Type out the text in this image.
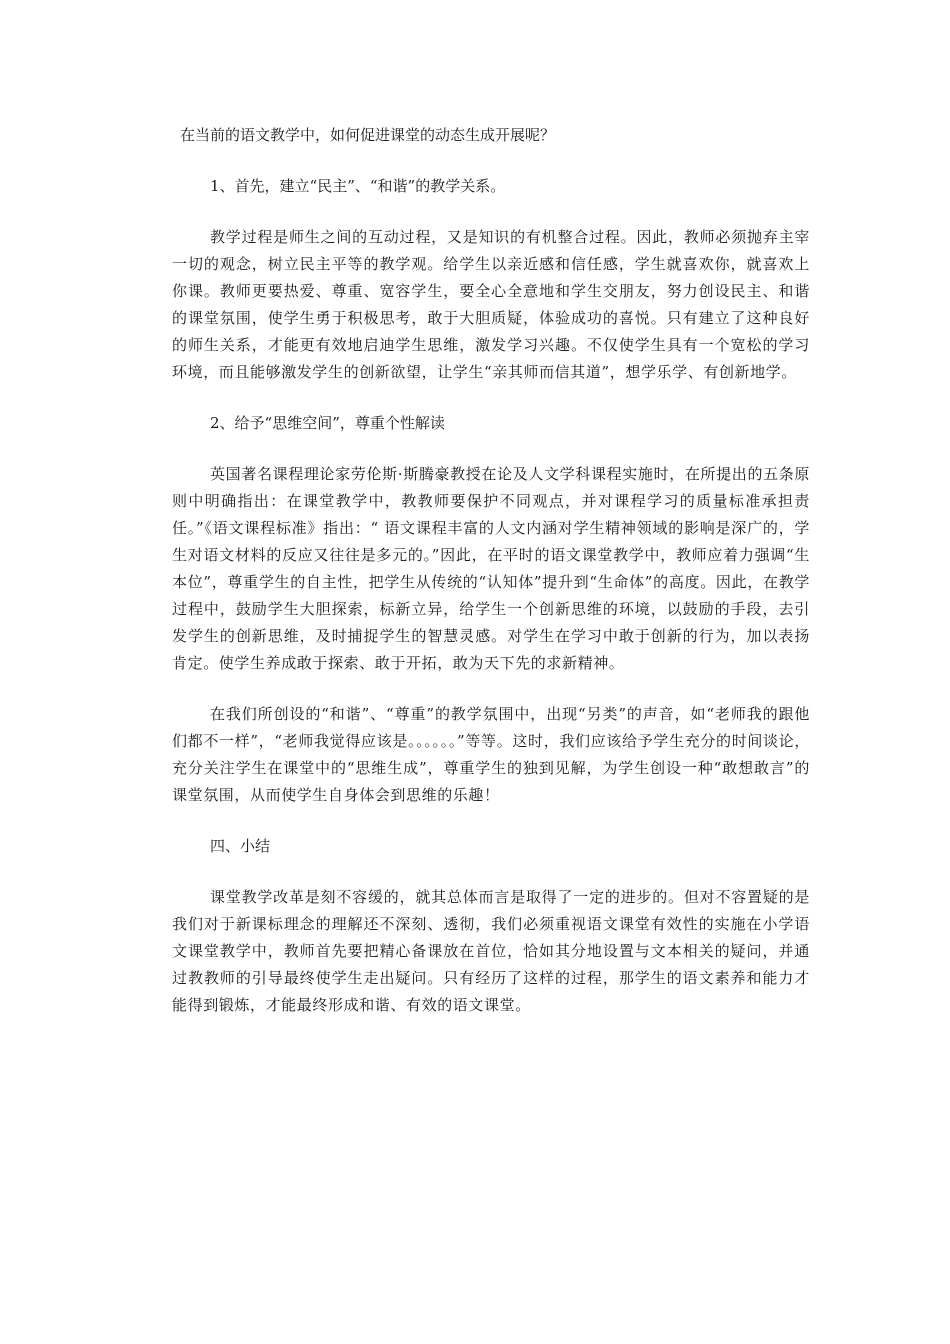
在当前的语文教学中，如何促进课堂的动态生成开展呢？

1、首先，建立“民主”、“和谐”的教学关系。

教学过程是师生之间的互动过程，又是知识的有机整合过程。因此，教师必须抛弃主宰一切的观念，树立民主平等的教学观。给学生以亲近感和信任感，学生就喜欢你，就喜欢上你课。教师更要热爱、尊重、宽容学生，要全心全意地和学生交朋友，努力创设民主、和谐的课堂氛围，使学生勇于积极思考，敢于大胆质疑，体验成功的喜悦。只有建立了这种良好的师生关系，才能更有效地启迪学生思维，激发学习兴趣。不仅使学生具有一个宽松的学习环境，而且能够激发学生的创新欲望，让学生“亲其师而信其道”，想学乐学、有创新地学。

2、给予“思维空间”，尊重个性解读

英国著名课程理论家劳伦斯·斯腾豪教授在论及人文学科课程实施时，在所提出的五条原则中明确指出：在课堂教学中，教教师要保护不同观点，并对课程学习的质量标准承担责任。”《语文课程标准》指出：“ 语文课程丰富的人文内涵对学生精神领域的影响是深广的，学生对语文材料的反应又往往是多元的。”因此，在平时的语文课堂教学中，教师应着力强调“生本位”，尊重学生的自主性，把学生从传统的“认知体”提升到“生命体”的高度。因此，在教学过程中，鼓励学生大胆探索，标新立异，给学生一个创新思维的环境，以鼓励的手段，去引发学生的创新思维，及时捕捉学生的智慧灵感。对学生在学习中敢于创新的行为，加以表扬肯定。使学生养成敢于探索、敢于开拓，敢为天下先的求新精神。

在我们所创设的“和谐”、“尊重”的教学氛围中，出现“另类”的声音，如“老师我的跟他们都不一样”，“老师我觉得应该是。。。。。。”等等。这时，我们应该给予学生充分的时间谈论，充分关注学生在课堂中的“思维生成”，尊重学生的独到见解，为学生创设一种“敢想敢言”的课堂氛围，从而使学生自身体会到思维的乐趣！

四、小结

课堂教学改革是刻不容缓的，就其总体而言是取得了一定的进步的。但对不容置疑的是我们对于新课标理念的理解还不深刻、透彻，我们必须重视语文课堂有效性的实施在小学语文课堂教学中，教师首先要把精心备课放在首位，恰如其分地设置与文本相关的疑问，并通过教教师的引导最终使学生走出疑问。只有经历了这样的过程，那学生的语文素养和能力才能得到锻炼，才能最终形成和谐、有效的语文课堂。
